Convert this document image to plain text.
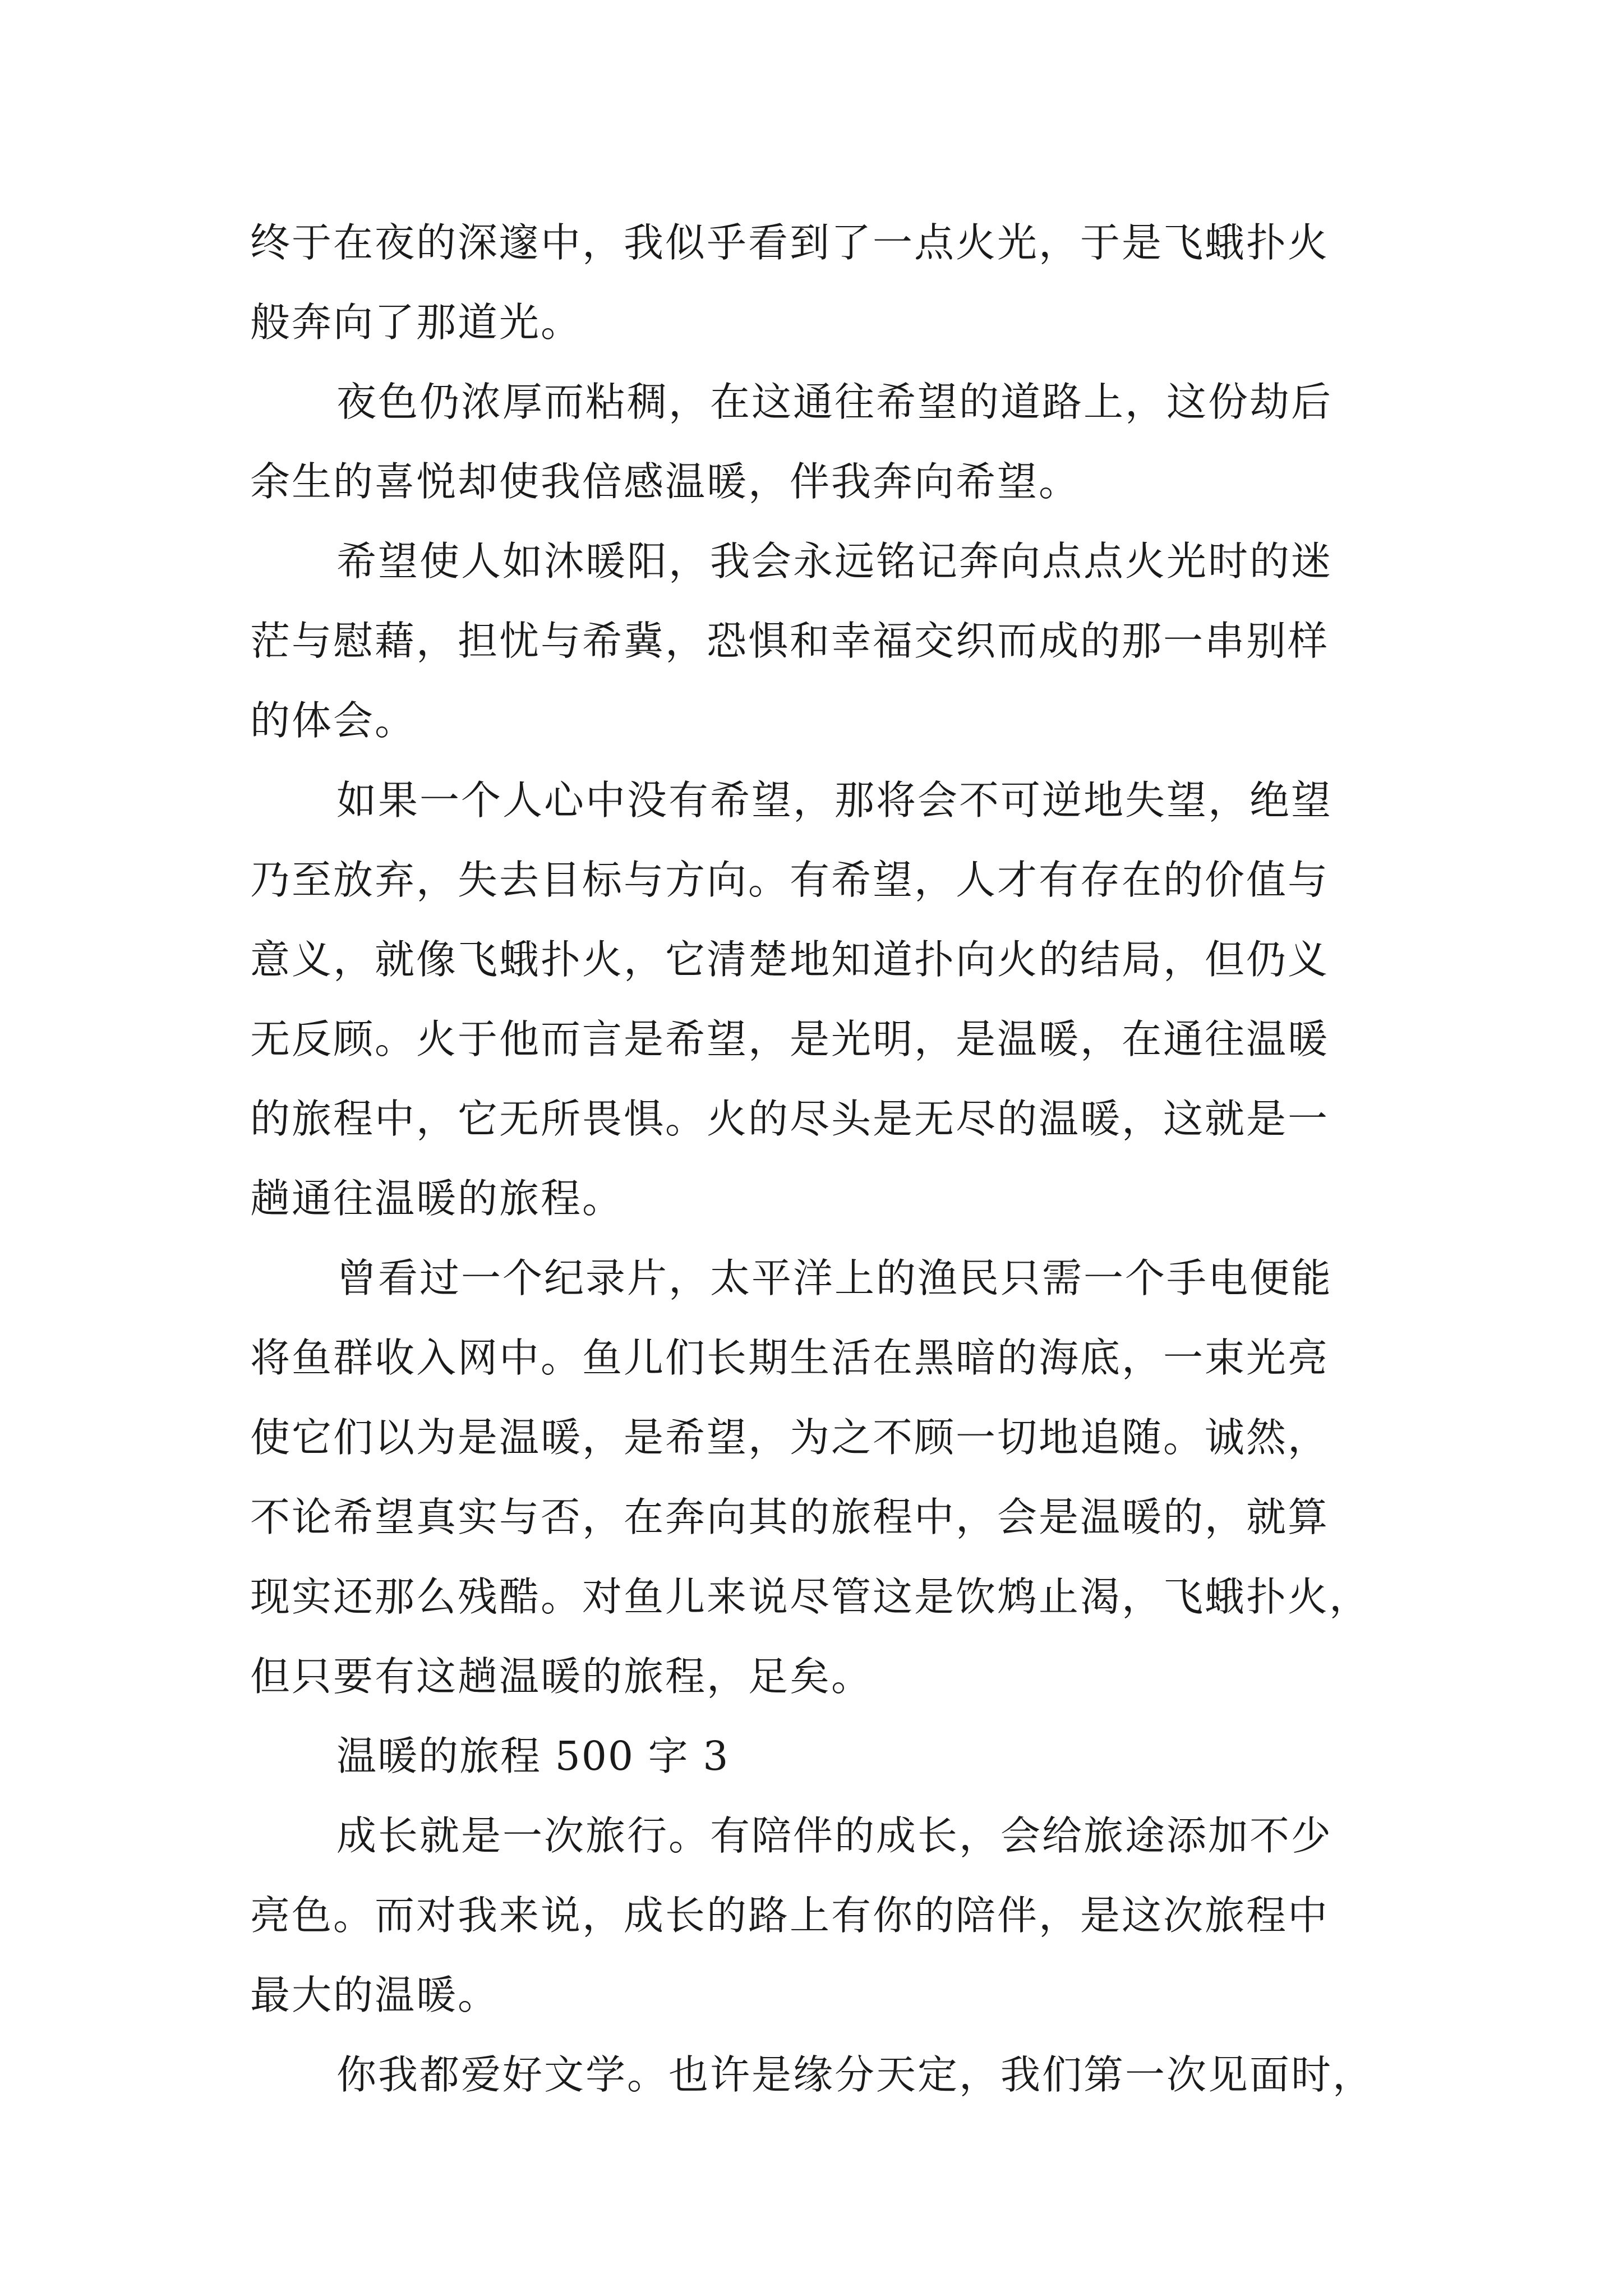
终于在夜的深邃中，我似乎看到了一点火光，于是飞蛾扑火
般奔向了那道光。
夜色仍浓厚而粘稠，在这通往希望的道路上，这份劫后
余生的喜悦却使我倍感温暖，伴我奔向希望。
希望使人如沐暖阳，我会永远铭记奔向点点火光时的迷
茫与慰藉，担忧与希冀，恐惧和幸福交织而成的那一串别样
的体会。
如果一个人心中没有希望，那将会不可逆地失望，绝望
乃至放弃，失去目标与方向。有希望，人才有存在的价值与
意义，就像飞蛾扑火，它清楚地知道扑向火的结局，但仍义
无反顾。火于他而言是希望，是光明，是温暖，在通往温暖
的旅程中，它无所畏惧。火的尽头是无尽的温暖，这就是一
趟通往温暖的旅程。
曾看过一个纪录片，太平洋上的渔民只需一个手电便能
将鱼群收入网中。鱼儿们长期生活在黑暗的海底，一束光亮
使它们以为是温暖，是希望，为之不顾一切地追随。诚然，
不论希望真实与否，在奔向其的旅程中，会是温暖的，就算
现实还那么残酷。对鱼儿来说尽管这是饮鸩止渴，飞蛾扑火，
但只要有这趟温暖的旅程，足矣。
温暖的旅程 500 字 3
成长就是一次旅行。有陪伴的成长，会给旅途添加不少
亮色。而对我来说，成长的路上有你的陪伴，是这次旅程中
最大的温暖。
你我都爱好文学。也许是缘分天定，我们第一次见面时，
